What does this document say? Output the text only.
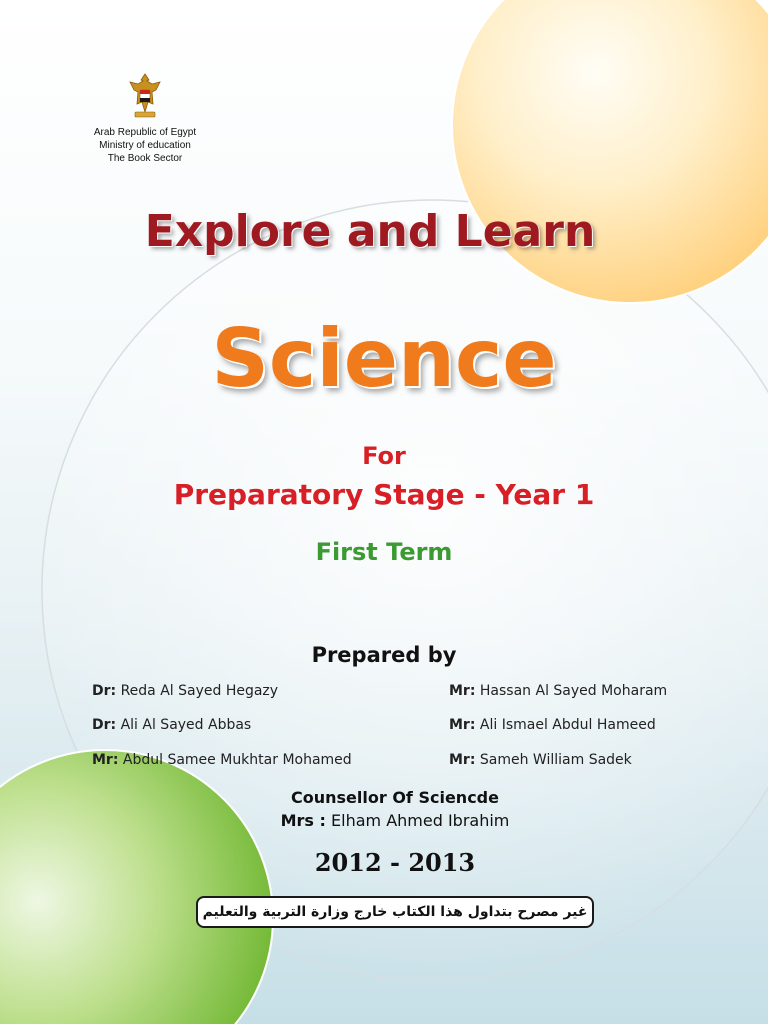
Arab Republic of Egypt
Ministry of education
The Book Sector
Explore and Learn
Science
For
Preparatory Stage - Year 1
First Term
Prepared by
Dr: Reda Al Sayed Hegazy
Dr: Ali Al Sayed Abbas
Mr: Abdul Samee Mukhtar Mohamed
Mr: Hassan Al Sayed Moharam
Mr: Ali Ismael Abdul Hameed
Mr: Sameh William Sadek
Counsellor Of Sciencde
Mrs : Elham Ahmed Ibrahim
2012 - 2013
غير مصرح بتداول هذا الكتاب خارج وزارة التربية والتعليم
